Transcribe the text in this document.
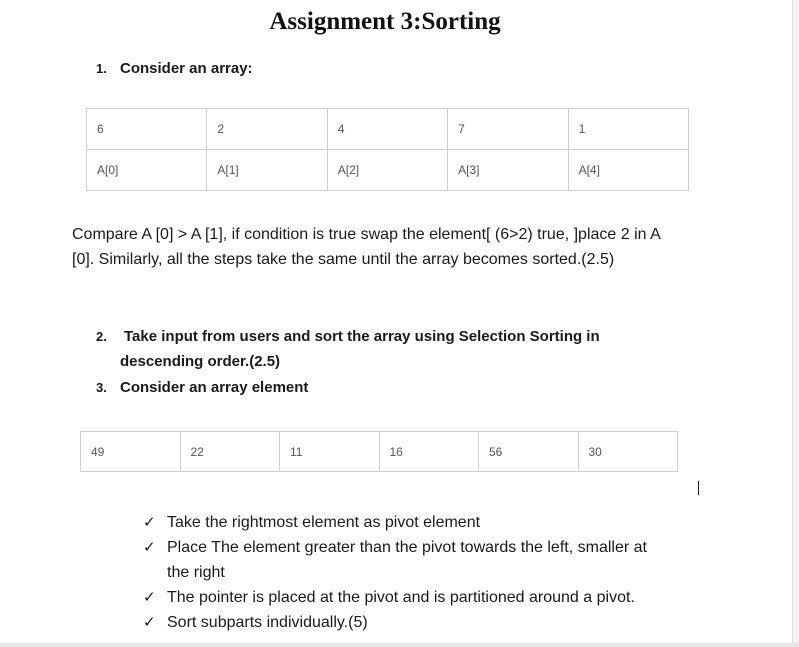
Assignment 3:Sorting
1. Consider an array:
6	2	4	7	1
A[0]	A[1]	A[2]	A[3]	A[4]
Compare A [0] > A [1], if condition is true swap the element[ (6>2) true, ]place 2 in A
[0]. Similarly, all the steps take the same until the array becomes sorted.(2.5)
2. Take input from users and sort the array using Selection Sorting in
descending order.(2.5)
3. Consider an array element
49	22	11	16	56	30
✓ Take the rightmost element as pivot element
✓ Place The element greater than the pivot towards the left, smaller at
the right
✓ The pointer is placed at the pivot and is partitioned around a pivot.
✓ Sort subparts individually.(5)
